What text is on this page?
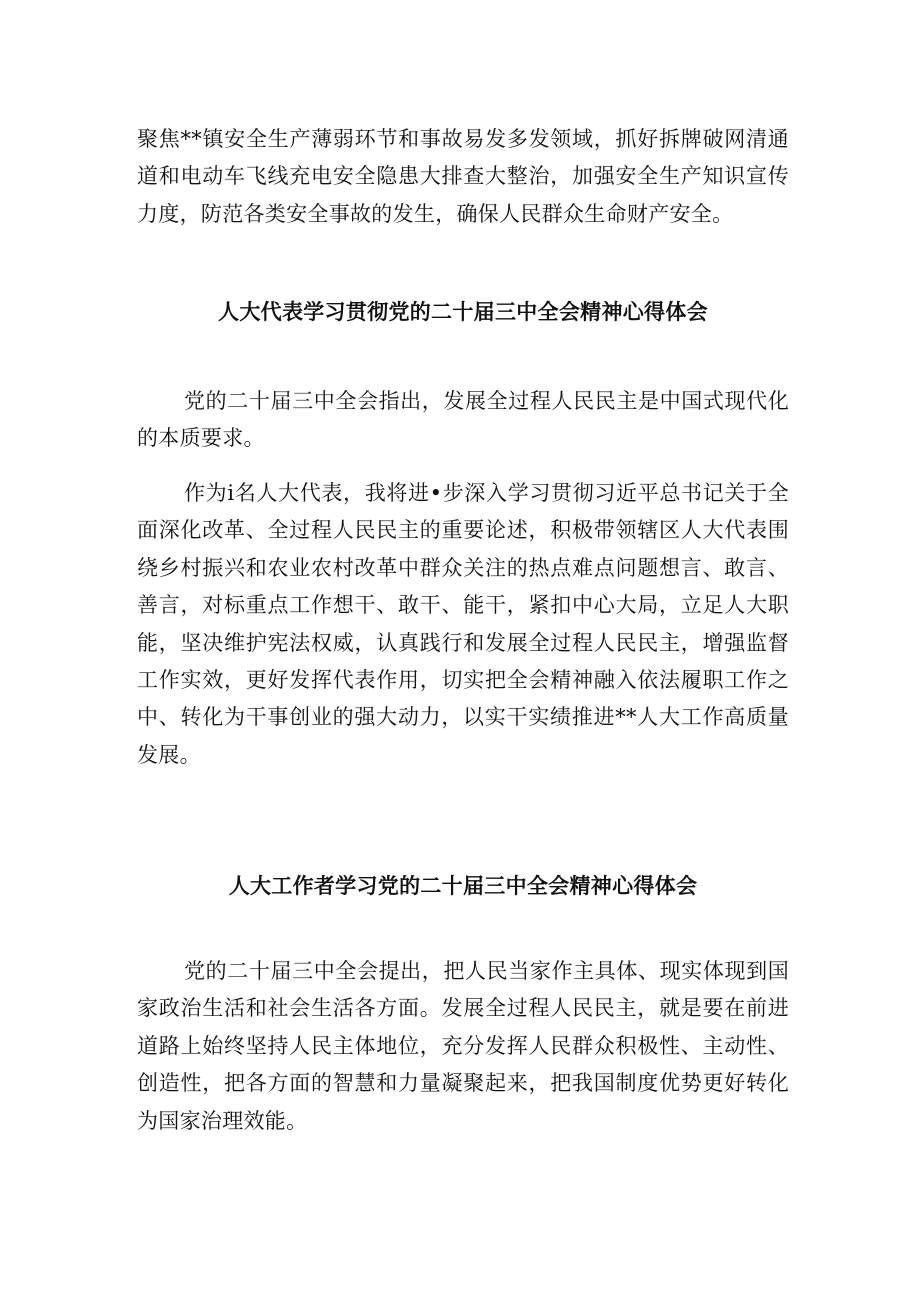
聚焦**镇安全生产薄弱环节和事故易发多发领域，抓好拆牌破网清通道和电动车飞线充电安全隐患大排查大整治，加强安全生产知识宣传力度，防范各类安全事故的发生，确保人民群众生命财产安全。

人大代表学习贯彻党的二十届三中全会精神心得体会

党的二十届三中全会指出，发展全过程人民民主是中国式现代化的本质要求。

作为i名人大代表，我将进•步深入学习贯彻习近平总书记关于全面深化改革、全过程人民民主的重要论述，积极带领辖区人大代表围绕乡村振兴和农业农村改革中群众关注的热点难点问题想言、敢言、善言，对标重点工作想干、敢干、能干，紧扣中心大局，立足人大职能，坚决维护宪法权威，认真践行和发展全过程人民民主，增强监督工作实效，更好发挥代表作用，切实把全会精神融入依法履职工作之中、转化为干事创业的强大动力，以实干实绩推进**人大工作高质量发展。

人大工作者学习党的二十届三中全会精神心得体会

党的二十届三中全会提出，把人民当家作主具体、现实体现到国家政治生活和社会生活各方面。发展全过程人民民主，就是要在前进道路上始终坚持人民主体地位，充分发挥人民群众积极性、主动性、创造性，把各方面的智慧和力量凝聚起来，把我国制度优势更好转化为国家治理效能。
